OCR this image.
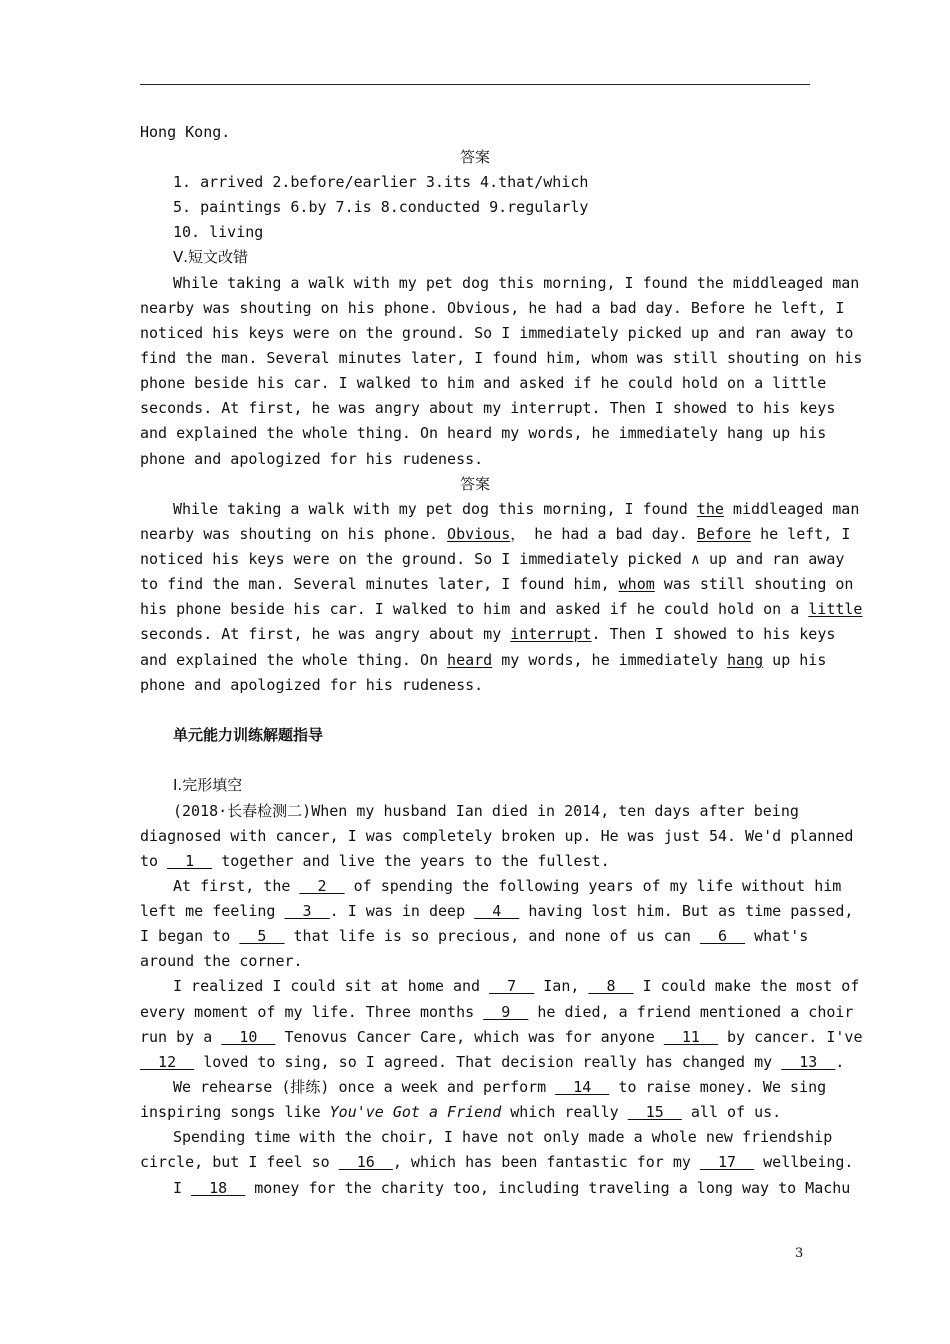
Hong Kong.
答案
1. arrived 2.before/earlier 3.its 4.that/which
5. paintings 6.by 7.is 8.conducted 9.regularly
10. living
Ⅴ.短文改错
While taking a walk with my pet dog this morning, I found the middleaged man
nearby was shouting on his phone. Obvious, he had a bad day. Before he left, I
noticed his keys were on the ground. So I immediately picked up and ran away to
find the man. Several minutes later, I found him, whom was still shouting on his
phone beside his car. I walked to him and asked if he could hold on a little
seconds. At first, he was angry about my interrupt. Then I showed to his keys
and explained the whole thing. On heard my words, he immediately hang up his
phone and apologized for his rudeness.
答案
While taking a walk with my pet dog this morning, I found the middleaged man
nearby was shouting on his phone. Obvious， he had a bad day. Before he left, I
noticed his keys were on the ground. So I immediately picked ∧ up and ran away
to find the man. Several minutes later, I found him, whom was still shouting on
his phone beside his car. I walked to him and asked if he could hold on a little
seconds. At first, he was angry about my interrupt. Then I showed to his keys
and explained the whole thing. On heard my words, he immediately hang up his
phone and apologized for his rudeness.
单元能力训练解题指导
Ⅰ.完形填空
(2018·长春检测二)When my husband Ian died in 2014, ten days after being
diagnosed with cancer, I was completely broken up. He was just 54. We'd planned
to   1   together and live the years to the fullest.
At first, the   2   of spending the following years of my life without him
left me feeling   3  . I was in deep   4   having lost him. But as time passed,
I began to   5   that life is so precious, and none of us can   6   what's
around the corner.
I realized I could sit at home and   7   Ian,   8   I could make the most of
every moment of my life. Three months   9   he died, a friend mentioned a choir
run by a   10   Tenovus Cancer Care, which was for anyone   11   by cancer. I've
12   loved to sing, so I agreed. That decision really has changed my   13  .
We rehearse (排练) once a week and perform   14   to raise money. We sing
inspiring songs like You've Got a Friend which really   15   all of us.
Spending time with the choir, I have not only made a whole new friendship
circle, but I feel so   16  , which has been fantastic for my   17   wellbeing.
I   18   money for the charity too, including traveling a long way to Machu
3
